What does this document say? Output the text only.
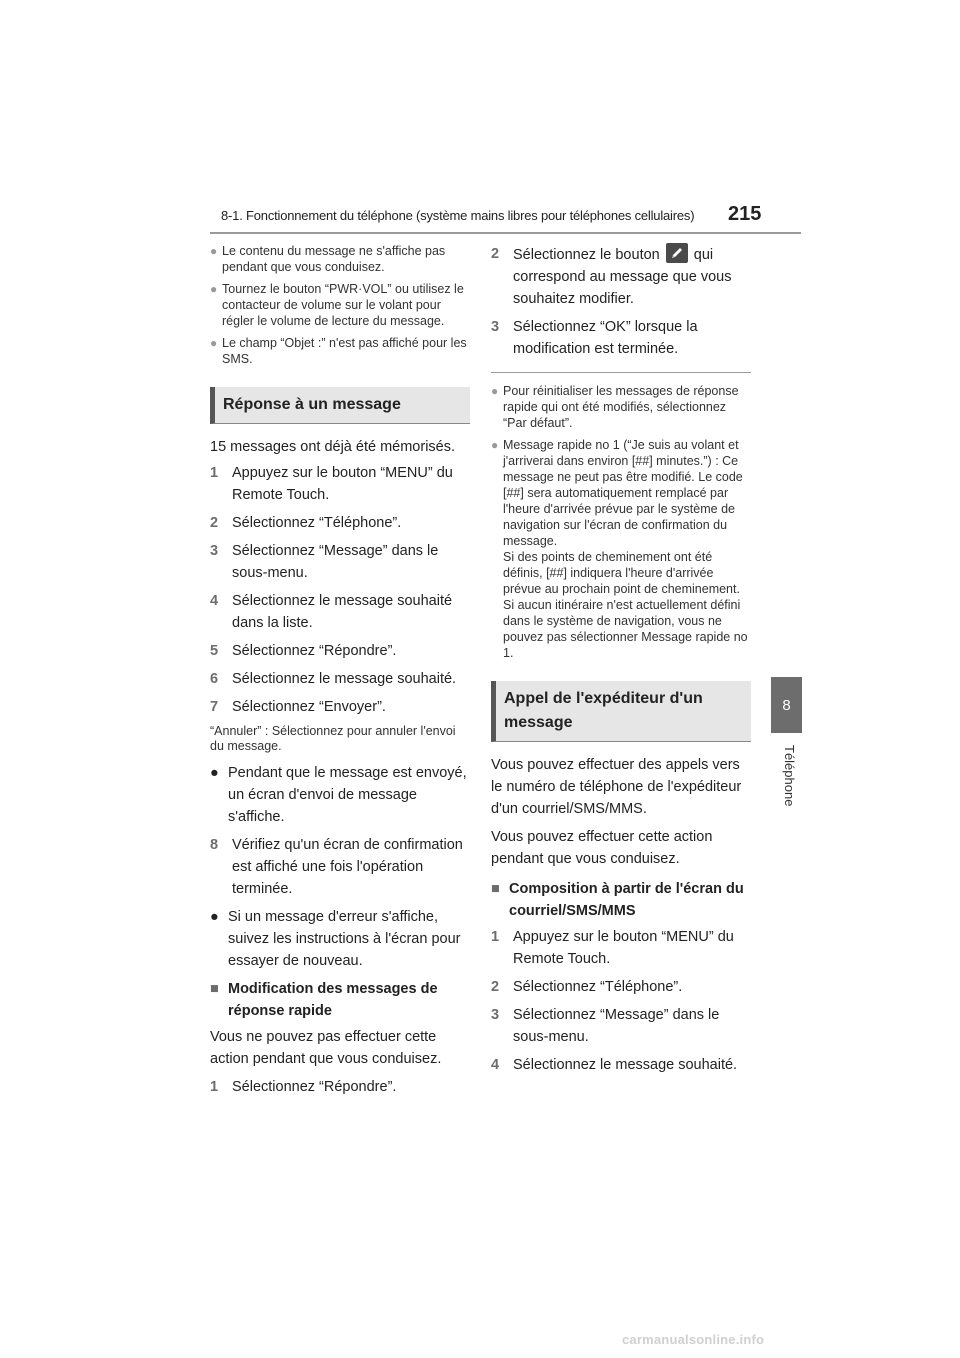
8-1. Fonctionnement du téléphone (système mains libres pour téléphones cellulaires)	215
8
Téléphone
● Le contenu du message ne s'affiche pas pendant que vous conduisez.
● Tournez le bouton “PWR·VOL” ou utilisez le contacteur de volume sur le volant pour régler le volume de lecture du message.
● Le champ “Objet :” n'est pas affiché pour les SMS.
Réponse à un message
15 messages ont déjà été mémorisés.
1 Appuyez sur le bouton “MENU” du Remote Touch.
2 Sélectionnez “Téléphone”.
3 Sélectionnez “Message” dans le sous-menu.
4 Sélectionnez le message souhaité dans la liste.
5 Sélectionnez “Répondre”.
6 Sélectionnez le message souhaité.
7 Sélectionnez “Envoyer”.
“Annuler” : Sélectionnez pour annuler l'envoi du message.
● Pendant que le message est envoyé, un écran d'envoi de message s'affiche.
8 Vérifiez qu'un écran de confirmation est affiché une fois l'opération terminée.
● Si un message d'erreur s'affiche, suivez les instructions à l'écran pour essayer de nouveau.
■ Modification des messages de réponse rapide
Vous ne pouvez pas effectuer cette action pendant que vous conduisez.
1 Sélectionnez “Répondre”.
2 Sélectionnez le bouton qui correspond au message que vous souhaitez modifier.
3 Sélectionnez “OK” lorsque la modification est terminée.
● Pour réinitialiser les messages de réponse rapide qui ont été modifiés, sélectionnez “Par défaut”.
● Message rapide no 1 (“Je suis au volant et j'arriverai dans environ [##] minutes.”) : Ce message ne peut pas être modifié. Le code [##] sera automatiquement remplacé par l'heure d'arrivée prévue par le système de navigation sur l'écran de confirmation du message.
Si des points de cheminement ont été définis, [##] indiquera l'heure d'arrivée prévue au prochain point de cheminement.
Si aucun itinéraire n'est actuellement défini dans le système de navigation, vous ne pouvez pas sélectionner Message rapide no 1.
Appel de l'expéditeur d'un message
Vous pouvez effectuer des appels vers le numéro de téléphone de l'expéditeur d'un courriel/SMS/MMS.
Vous pouvez effectuer cette action pendant que vous conduisez.
■ Composition à partir de l'écran du courriel/SMS/MMS
1 Appuyez sur le bouton “MENU” du Remote Touch.
2 Sélectionnez “Téléphone”.
3 Sélectionnez “Message” dans le sous-menu.
4 Sélectionnez le message souhaité.
carmanualsonline.info
